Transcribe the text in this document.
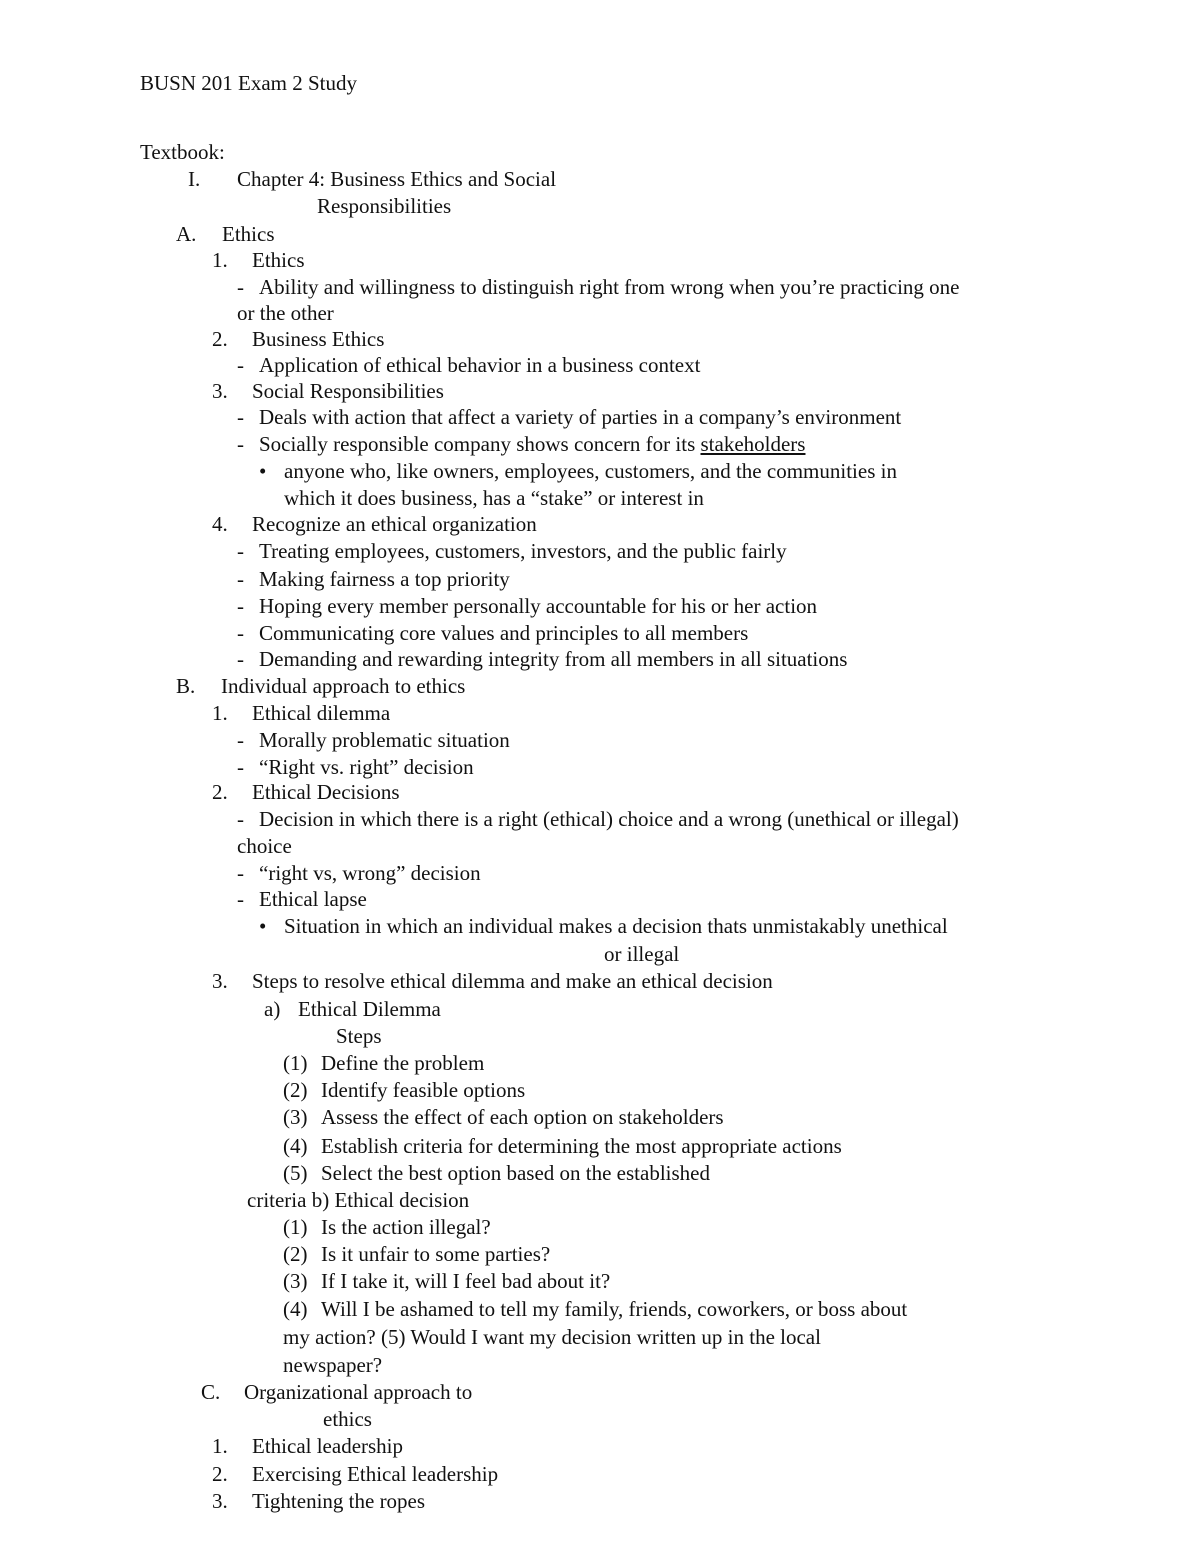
BUSN 201 Exam 2 Study
Textbook:
I. Chapter 4: Business Ethics and Social
Responsibilities
A. Ethics
1. Ethics
- Ability and willingness to distinguish right from wrong when you’re practicing one
or the other
2. Business Ethics
- Application of ethical behavior in a business context
3. Social Responsibilities
- Deals with action that affect a variety of parties in a company’s environment
- Socially responsible company shows concern for its stakeholders
• anyone who, like owners, employees, customers, and the communities in
which it does business, has a “stake” or interest in
4. Recognize an ethical organization
- Treating employees, customers, investors, and the public fairly
- Making fairness a top priority
- Hoping every member personally accountable for his or her action
- Communicating core values and principles to all members
- Demanding and rewarding integrity from all members in all situations
B. Individual approach to ethics
1. Ethical dilemma
- Morally problematic situation
- “Right vs. right” decision
2. Ethical Decisions
- Decision in which there is a right (ethical) choice and a wrong (unethical or illegal)
choice
- “right vs, wrong” decision
- Ethical lapse
• Situation in which an individual makes a decision thats unmistakably unethical
or illegal
3. Steps to resolve ethical dilemma and make an ethical decision
a) Ethical Dilemma
Steps
(1) Define the problem
(2) Identify feasible options
(3) Assess the effect of each option on stakeholders
(4) Establish criteria for determining the most appropriate actions
(5) Select the best option based on the established
criteria b) Ethical decision
(1) Is the action illegal?
(2) Is it unfair to some parties?
(3) If I take it, will I feel bad about it?
(4) Will I be ashamed to tell my family, friends, coworkers, or boss about
my action? (5) Would I want my decision written up in the local
newspaper?
C. Organizational approach to
ethics
1. Ethical leadership
2. Exercising Ethical leadership
3. Tightening the ropes
